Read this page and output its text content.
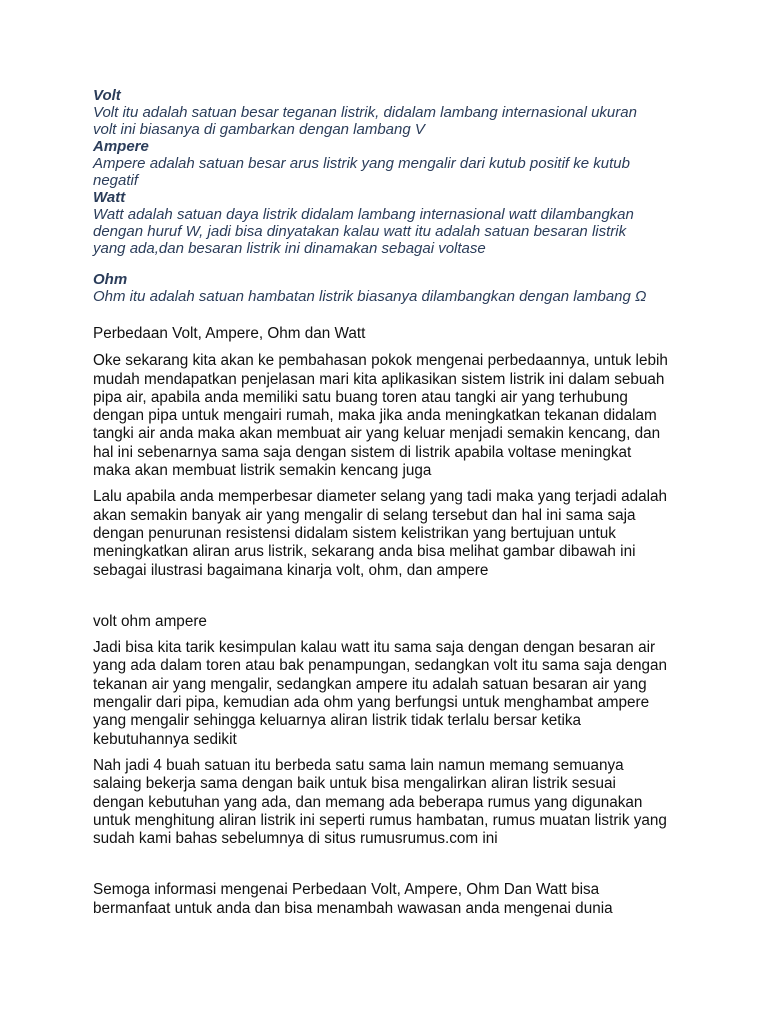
Volt
Volt itu adalah satuan besar teganan listrik, didalam lambang internasional ukuran
volt ini biasanya di gambarkan dengan lambang V
Ampere
Ampere adalah satuan besar arus listrik yang mengalir dari kutub positif ke kutub
negatif
Watt
Watt adalah satuan daya listrik didalam lambang internasional watt dilambangkan
dengan huruf W, jadi bisa dinyatakan kalau watt itu adalah satuan besaran listrik
yang ada,dan besaran listrik ini dinamakan sebagai voltase
Ohm
Ohm itu adalah satuan hambatan listrik biasanya dilambangkan dengan lambang Ω
Perbedaan Volt, Ampere, Ohm dan Watt
Oke sekarang kita akan ke pembahasan pokok mengenai perbedaannya, untuk lebih
mudah mendapatkan penjelasan mari kita aplikasikan sistem listrik ini dalam sebuah
pipa air, apabila anda memiliki satu buang toren atau tangki air yang terhubung
dengan pipa untuk mengairi rumah, maka jika anda meningkatkan tekanan didalam
tangki air anda maka akan membuat air yang keluar menjadi semakin kencang, dan
hal ini sebenarnya sama saja dengan sistem di listrik apabila voltase meningkat
maka akan membuat listrik semakin kencang juga
Lalu apabila anda memperbesar diameter selang yang tadi maka yang terjadi adalah
akan semakin banyak air yang mengalir di selang tersebut dan hal ini sama saja
dengan penurunan resistensi didalam sistem kelistrikan yang bertujuan untuk
meningkatkan aliran arus listrik, sekarang anda bisa melihat gambar dibawah ini
sebagai ilustrasi bagaimana kinarja volt, ohm, dan ampere
volt ohm ampere
Jadi bisa kita tarik kesimpulan kalau watt itu sama saja dengan dengan besaran air
yang ada dalam toren atau bak penampungan, sedangkan volt itu sama saja dengan
tekanan air yang mengalir, sedangkan ampere itu adalah satuan besaran air yang
mengalir dari pipa, kemudian ada ohm yang berfungsi untuk menghambat ampere
yang mengalir sehingga keluarnya aliran listrik tidak terlalu bersar ketika
kebutuhannya sedikit
Nah jadi 4 buah satuan itu berbeda satu sama lain namun memang semuanya
salaing bekerja sama dengan baik untuk bisa mengalirkan aliran listrik sesuai
dengan kebutuhan yang ada, dan memang ada beberapa rumus yang digunakan
untuk menghitung aliran listrik ini seperti rumus hambatan, rumus muatan listrik yang
sudah kami bahas sebelumnya di situs rumusrumus.com ini
Semoga informasi mengenai Perbedaan Volt, Ampere, Ohm Dan Watt bisa
bermanfaat untuk anda dan bisa menambah wawasan anda mengenai dunia
